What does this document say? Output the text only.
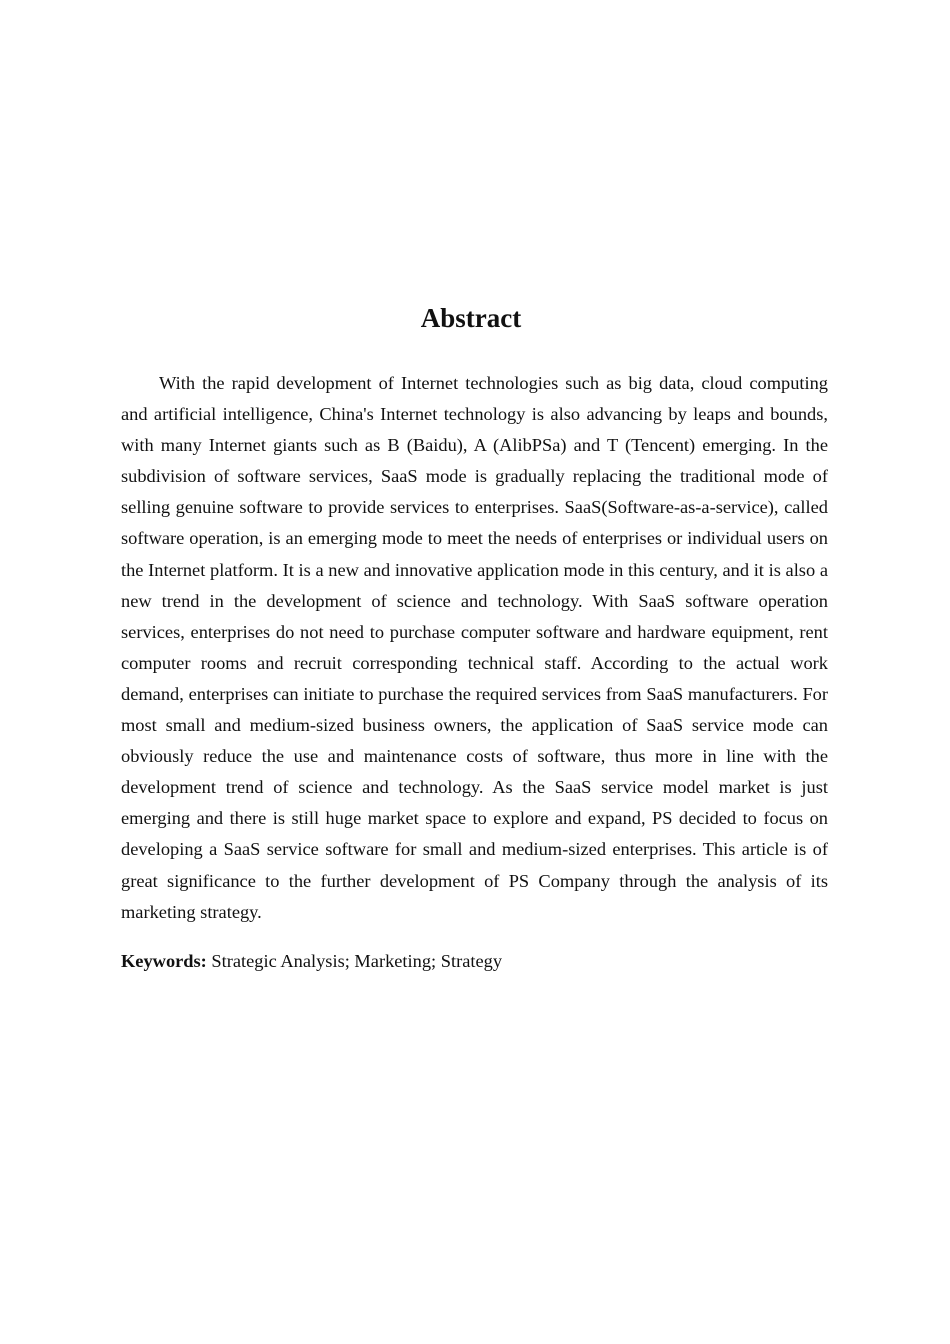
Abstract

With the rapid development of Internet technologies such as big data, cloud computing and artificial intelligence, China's Internet technology is also advancing by leaps and bounds, with many Internet giants such as B (Baidu), A (AlibPSa) and T (Tencent) emerging. In the subdivision of software services, SaaS mode is gradually replacing the traditional mode of selling genuine software to provide services to enterprises. SaaS(Software-as-a-service), called software operation, is an emerging mode to meet the needs of enterprises or individual users on the Internet platform. It is a new and innovative application mode in this century, and it is also a new trend in the development of science and technology. With SaaS software operation services, enterprises do not need to purchase computer software and hardware equipment, rent computer rooms and recruit corresponding technical staff. According to the actual work demand, enterprises can initiate to purchase the required services from SaaS manufacturers. For most small and medium-sized business owners, the application of SaaS service mode can obviously reduce the use and maintenance costs of software, thus more in line with the development trend of science and technology. As the SaaS service model market is just emerging and there is still huge market space to explore and expand, PS decided to focus on developing a SaaS service software for small and medium-sized enterprises. This article is of great significance to the further development of PS Company through the analysis of its marketing strategy.

Keywords: Strategic Analysis; Marketing; Strategy
